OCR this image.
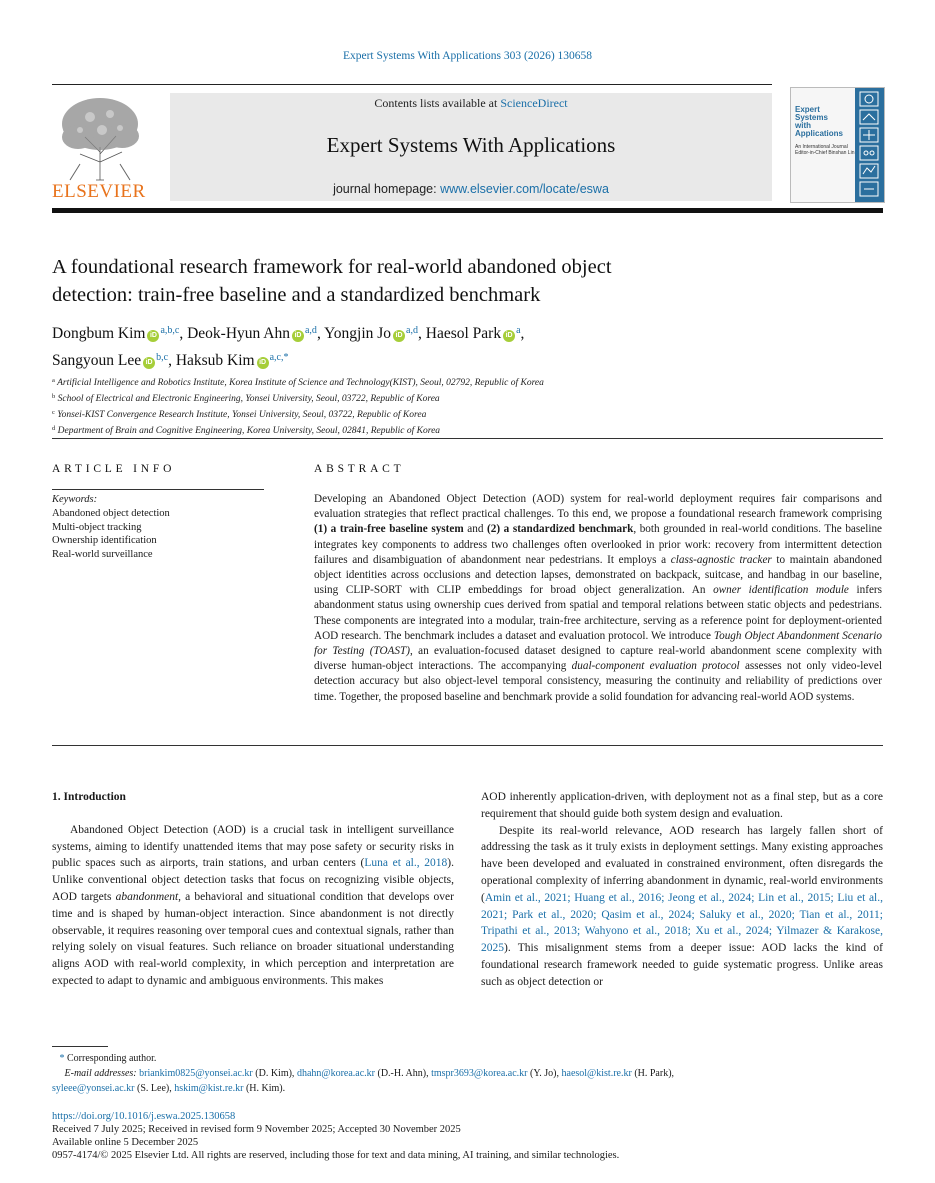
Expert Systems With Applications 303 (2026) 130658
ELSEVIER
Contents lists available at ScienceDirect
Expert Systems With Applications
journal homepage: www.elsevier.com/locate/eswa
Expert
Systems
with
Applications
An International Journal
Editor-in-Chief Binshan Lin
A foundational research framework for real-world abandoned object
detection: train-free baseline and a standardized benchmark
Dongbum Kim iD $^{a,b,c}$, Deok-Hyun Ahn iD $^{a,d}$, Yongjin Jo iD $^{a,d}$, Haesol Park iD $^a$,
Sangyoun Lee iD $^{b,c}$, Haksub Kim iD $^{a,c,*}$
$^a$ Artificial Intelligence and Robotics Institute, Korea Institute of Science and Technology(KIST), Seoul, 02792, Republic of Korea
$^b$ School of Electrical and Electronic Engineering, Yonsei University, Seoul, 03722, Republic of Korea
$^c$ Yonsei-KIST Convergence Research Institute, Yonsei University, Seoul, 03722, Republic of Korea
$^d$ Department of Brain and Cognitive Engineering, Korea University, Seoul, 02841, Republic of Korea
ARTICLE INFO	ABSTRACT
Keywords:
Abandoned object detection
Multi-object tracking
Ownership identification
Real-world surveillance
Developing an Abandoned Object Detection (AOD) system for real-world deployment requires fair comparisons and evaluation strategies that reflect practical challenges. To this end, we propose a foundational research framework comprising (1) a train-free baseline system and (2) a standardized benchmark, both grounded in real-world conditions. The baseline integrates key components to address two challenges often overlooked in prior work: recovery from intermittent detection failures and disambiguation of abandonment near pedestrians. It employs a class-agnostic tracker to maintain abandoned object identities across occlusions and detection lapses, demonstrated on backpack, suitcase, and handbag in our baseline, using CLIP-SORT with CLIP embeddings for broad object generalization. An owner identification module infers abandonment status using ownership cues derived from spatial and temporal relations between static objects and pedestrians. These components are integrated into a modular, train-free architecture, serving as a reference point for deployment-oriented AOD research. The benchmark includes a dataset and evaluation protocol. We introduce Tough Object Abandonment Scenario for Testing (TOAST), an evaluation-focused dataset designed to capture real-world abandonment scene complexity with diverse human-object interactions. The accompanying dual-component evaluation protocol assesses not only video-level detection accuracy but also object-level temporal consistency, measuring the continuity and reliability of predictions over time. Together, the proposed baseline and benchmark provide a solid foundation for advancing real-world AOD systems.

1. Introduction

Abandoned Object Detection (AOD) is a crucial task in intelligent surveillance systems, aiming to identify unattended items that may pose safety or security risks in public spaces such as airports, train stations, and urban centers (Luna et al., 2018). Unlike conventional object detection tasks that focus on recognizing visible objects, AOD targets abandonment, a behavioral and situational condition that develops over time and is shaped by human-object interaction. Since abandonment is not directly observable, it requires reasoning over temporal cues and contextual signals, rather than relying solely on visual features. Such reliance on broader situational understanding aligns AOD with real-world complexity, in which perception and interpretation are expected to adapt to dynamic and ambiguous environments. This makes

AOD inherently application-driven, with deployment not as a final step, but as a core requirement that should guide both system design and evaluation.

Despite its real-world relevance, AOD research has largely fallen short of addressing the task as it truly exists in deployment settings. Many existing approaches have been developed and evaluated in constrained environment, often disregards the operational complexity of inferring abandonment in dynamic, real-world environments (Amin et al., 2021; Huang et al., 2016; Jeong et al., 2024; Lin et al., 2015; Liu et al., 2021; Park et al., 2020; Qasim et al., 2024; Saluky et al., 2020; Tian et al., 2011; Tripathi et al., 2013; Wahyono et al., 2018; Xu et al., 2024; Yilmazer & Karakose, 2025). This misalignment stems from a deeper issue: AOD lacks the kind of foundational research framework needed to guide systematic progress. Unlike areas such as object detection or

* Corresponding author.
E-mail addresses: briankim0825@yonsei.ac.kr (D. Kim), dhahn@korea.ac.kr (D.-H. Ahn), tmspr3693@korea.ac.kr (Y. Jo), haesol@kist.re.kr (H. Park),
syleee@yonsei.ac.kr (S. Lee), hskim@kist.re.kr (H. Kim).
https://doi.org/10.1016/j.eswa.2025.130658
Received 7 July 2025; Received in revised form 9 November 2025; Accepted 30 November 2025
Available online 5 December 2025
0957-4174/© 2025 Elsevier Ltd. All rights are reserved, including those for text and data mining, AI training, and similar technologies.
